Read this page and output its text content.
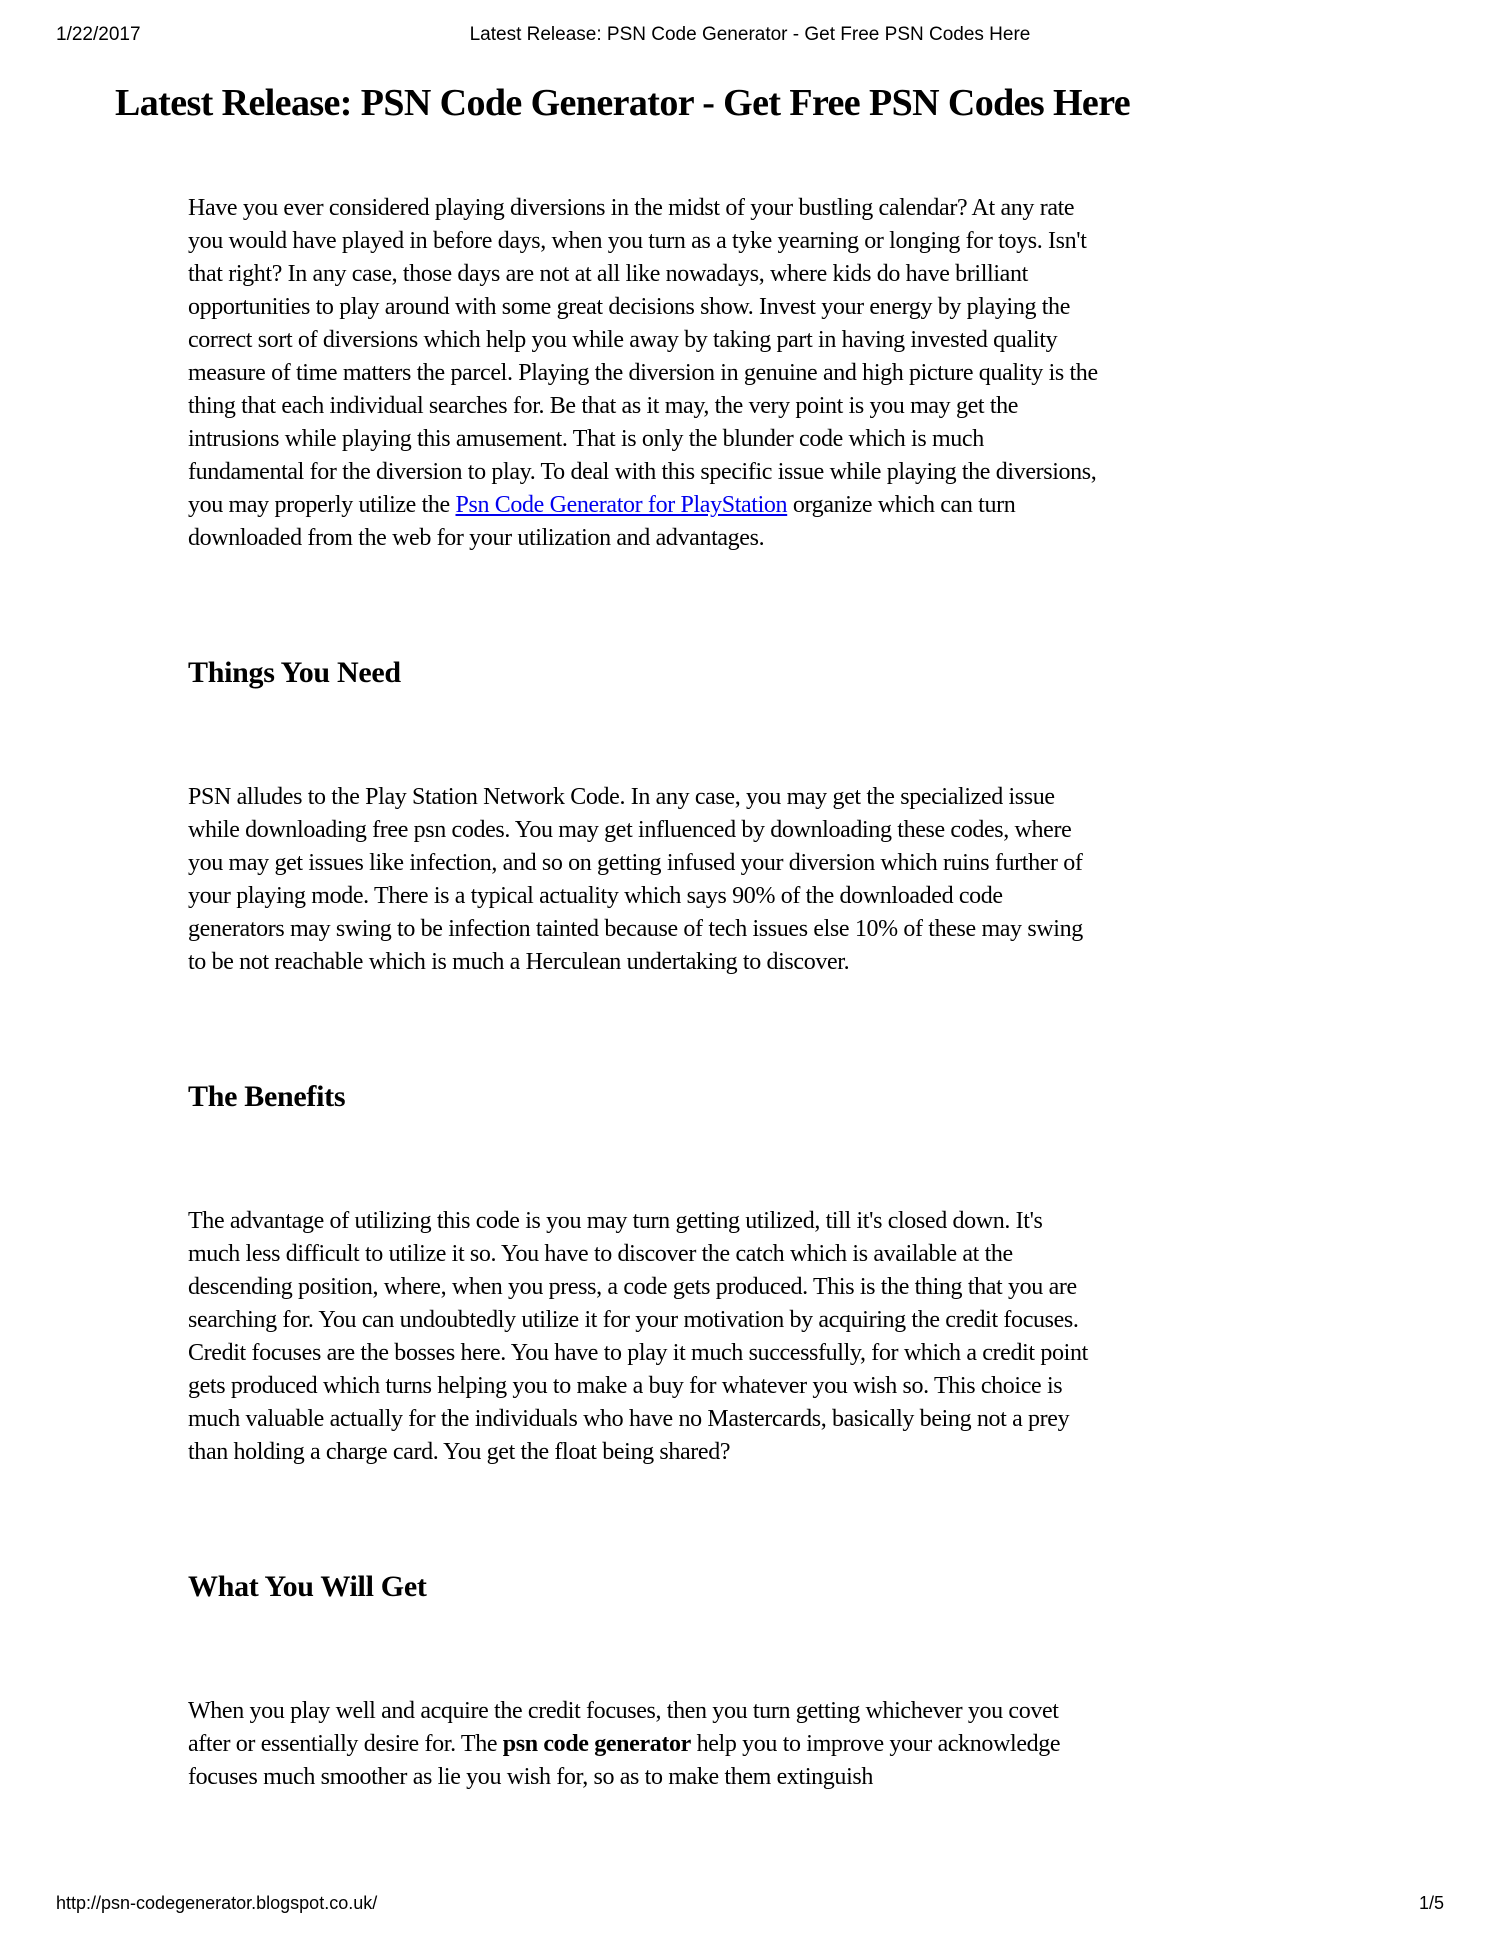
1/22/2017	Latest Release: PSN Code Generator - Get Free PSN Codes Here
Latest Release: PSN Code Generator - Get Free PSN Codes Here

Have you ever considered playing diversions in the midst of your bustling calendar? At any rate you would have played in before days, when you turn as a tyke yearning or longing for toys. Isn't that right? In any case, those days are not at all like nowadays, where kids do have brilliant opportunities to play around with some great decisions show. Invest your energy by playing the correct sort of diversions which help you while away by taking part in having invested quality measure of time matters the parcel. Playing the diversion in genuine and high picture quality is the thing that each individual searches for. Be that as it may, the very point is you may get the intrusions while playing this amusement. That is only the blunder code which is much fundamental for the diversion to play. To deal with this specific issue while playing the diversions, you may properly utilize the Psn Code Generator for PlayStation organize which can turn downloaded from the web for your utilization and advantages.

Things You Need

PSN alludes to the Play Station Network Code. In any case, you may get the specialized issue while downloading free psn codes. You may get influenced by downloading these codes, where you may get issues like infection, and so on getting infused your diversion which ruins further of your playing mode. There is a typical actuality which says 90% of the downloaded code generators may swing to be infection tainted because of tech issues else 10% of these may swing to be not reachable which is much a Herculean undertaking to discover.

The Benefits

The advantage of utilizing this code is you may turn getting utilized, till it's closed down. It's much less difficult to utilize it so. You have to discover the catch which is available at the descending position, where, when you press, a code gets produced. This is the thing that you are searching for. You can undoubtedly utilize it for your motivation by acquiring the credit focuses. Credit focuses are the bosses here. You have to play it much successfully, for which a credit point gets produced which turns helping you to make a buy for whatever you wish so. This choice is much valuable actually for the individuals who have no Mastercards, basically being not a prey than holding a charge card. You get the float being shared?

What You Will Get

When you play well and acquire the credit focuses, then you turn getting whichever you covet after or essentially desire for. The psn code generator help you to improve your acknowledge focuses much smoother as lie you wish for, so as to make them extinguish

http://psn-codegenerator.blogspot.co.uk/	1/5
